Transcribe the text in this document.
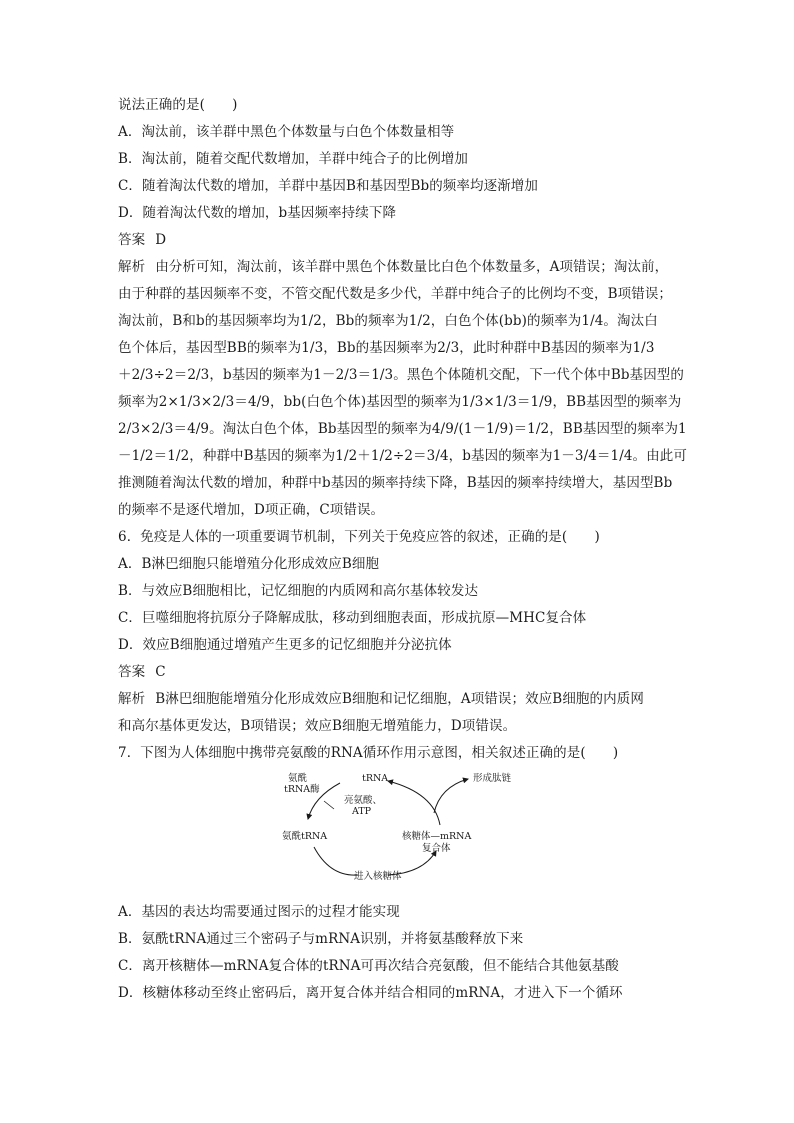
说法正确的是(　　)
A．淘汰前，该羊群中黑色个体数量与白色个体数量相等
B．淘汰前，随着交配代数增加，羊群中纯合子的比例增加
C．随着淘汰代数的增加，羊群中基因B和基因型Bb的频率均逐渐增加
D．随着淘汰代数的增加，b基因频率持续下降
答案 D
解析 由分析可知，淘汰前，该羊群中黑色个体数量比白色个体数量多，A项错误；淘汰前，
由于种群的基因频率不变，不管交配代数是多少代，羊群中纯合子的比例均不变，B项错误；
淘汰前，B和b的基因频率均为1/2，Bb的频率为1/2，白色个体(bb)的频率为1/4。淘汰白
色个体后，基因型BB的频率为1/3，Bb的基因频率为2/3，此时种群中B基因的频率为1/3
＋2/3÷2＝2/3，b基因的频率为1－2/3＝1/3。黑色个体随机交配，下一代个体中Bb基因型的
频率为2×1/3×2/3＝4/9，bb(白色个体)基因型的频率为1/3×1/3＝1/9，BB基因型的频率为
2/3×2/3＝4/9。淘汰白色个体，Bb基因型的频率为4/9/(1－1/9)＝1/2，BB基因型的频率为1
－1/2＝1/2，种群中B基因的频率为1/2＋1/2÷2＝3/4，b基因的频率为1－3/4＝1/4。由此可
推测随着淘汰代数的增加，种群中b基因的频率持续下降，B基因的频率持续增大，基因型Bb
的频率不是逐代增加，D项正确，C项错误。
6．免疫是人体的一项重要调节机制，下列关于免疫应答的叙述，正确的是(　　)
A．B淋巴细胞只能增殖分化形成效应B细胞
B．与效应B细胞相比，记忆细胞的内质网和高尔基体较发达
C．巨噬细胞将抗原分子降解成肽，移动到细胞表面，形成抗原—MHC复合体
D．效应B细胞通过增殖产生更多的记忆细胞并分泌抗体
答案 C
解析 B淋巴细胞能增殖分化形成效应B细胞和记忆细胞，A项错误；效应B细胞的内质网
和高尔基体更发达，B项错误；效应B细胞无增殖能力，D项错误。
7．下图为人体细胞中携带亮氨酸的RNA循环作用示意图，相关叙述正确的是(　　)
tRNA
氨酰
tRNA酶
亮氨酸、
ATP
形成肽链
氨酰tRNA	核糖体—mRNA
复合体
进入核糖体
A．基因的表达均需要通过图示的过程才能实现
B．氨酰tRNA通过三个密码子与mRNA识别，并将氨基酸释放下来
C．离开核糖体—mRNA复合体的tRNA可再次结合亮氨酸，但不能结合其他氨基酸
D．核糖体移动至终止密码后，离开复合体并结合相同的mRNA，才进入下一个循环
